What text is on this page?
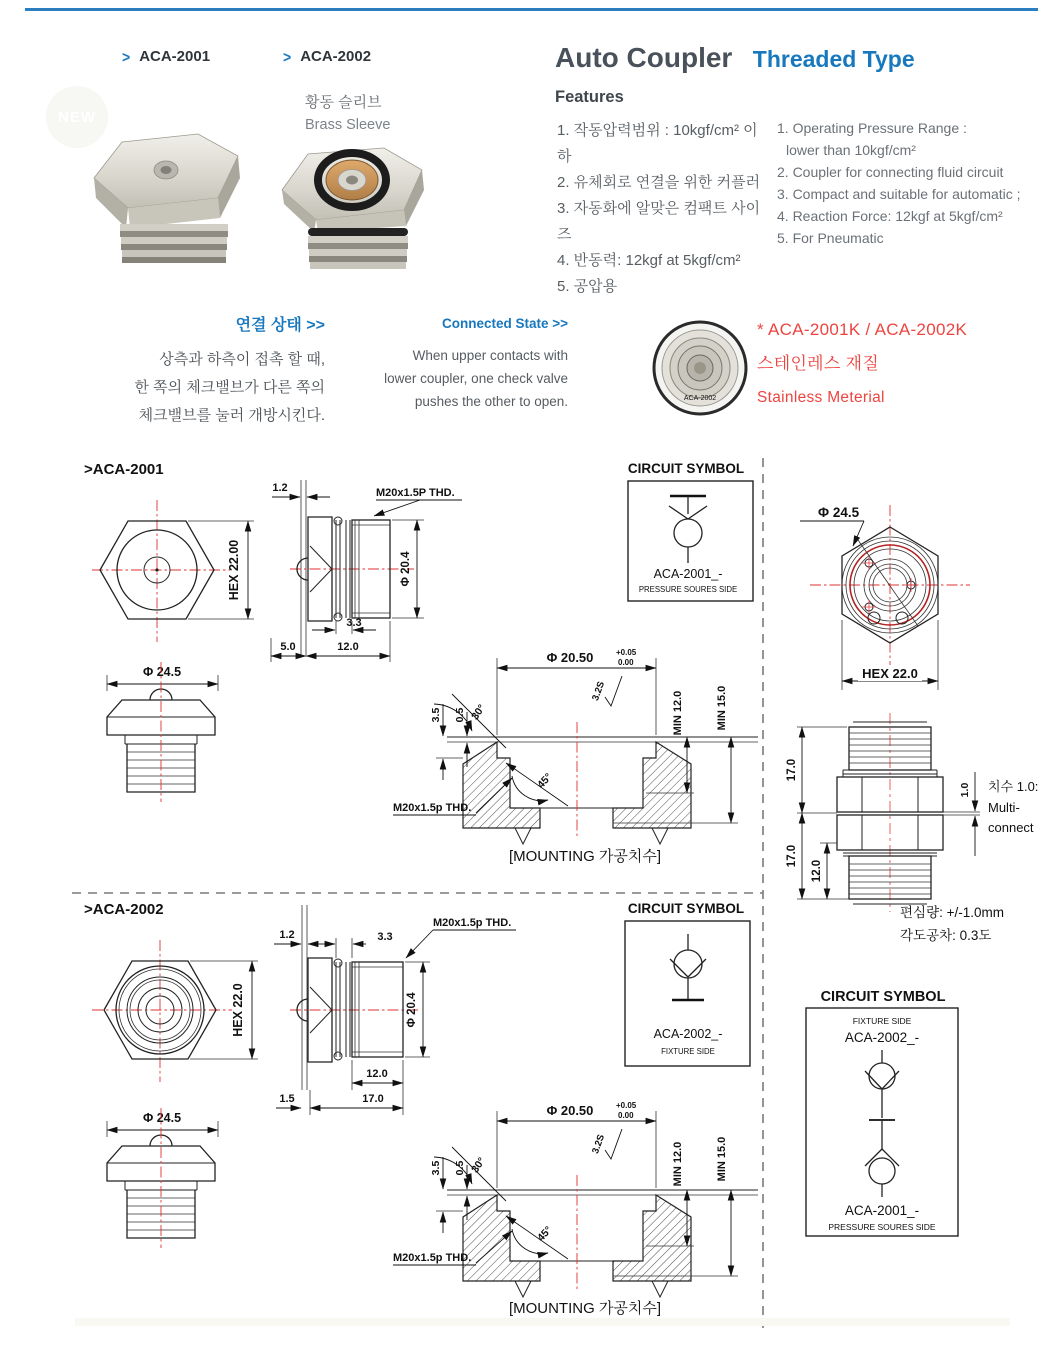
> ACA-2001	> ACA-2002
NEW
황동 슬리브
Brass Sleeve
Auto Coupler Threaded Type
Features
1. 작동압력범위 : 10kgf/cm² 이하
2. 유체회로 연결을 위한 커플러
3. 자동화에 알맞은 컴팩트 사이즈
4. 반동력: 12kgf at 5kgf/cm²
5. 공압용
1. Operating Pressure Range :
lower than 10kgf/cm²
2. Coupler for connecting fluid circuit
3. Compact and suitable for automatic ;
4. Reaction Force: 12kgf at 5kgf/cm²
5. For Pneumatic
연결 상태 >>
상측과 하측이 접촉 할 때,
한 쪽의 체크밸브가 다른 쪽의
체크밸브를 눌러 개방시킨다.
Connected State >>
When upper contacts with
lower coupler, one check valve
pushes the other to open.	ACA-2002
* ACA-2001K / ACA-2002K
스테인레스 재질
Stainless Meterial
>ACA-2001
HEX 22.00
1.2	M20x1.5P THD.
Φ 20.4
3.3
5.0	12.0
Φ 24.5
CIRCUIT SYMBOL
ACA-2001_-
PRESSURE SOURES SIDE
45°
30°
3.5 0.5
Φ 20.50	+0.05
0.00
3.2S	MIN 12.0	MIN 15.0
M20x1.5p THD.
[MOUNTING 가공치수]
Φ 24.5
HEX 22.0
17.0
17.0
12.0
1.0 치수 1.0:
Multi-
connect
편심량: +/-1.0mm
각도공차: 0.3도
>ACA-2002
HEX 22.0
1.2	3.3
M20x1.5p THD.
Φ 20.4
12.0
1.5	17.0
Φ 24.5
CIRCUIT SYMBOL
ACA-2002_-
FIXTURE SIDE
45°
30°
3.5 0.5
Φ 20.50	+0.05
0.00
3.2S	MIN 12.0	MIN 15.0
M20x1.5p THD.
[MOUNTING 가공치수]
CIRCUIT SYMBOL
FIXTURE SIDE
ACA-2002_-
ACA-2001_-
PRESSURE SOURES SIDE
